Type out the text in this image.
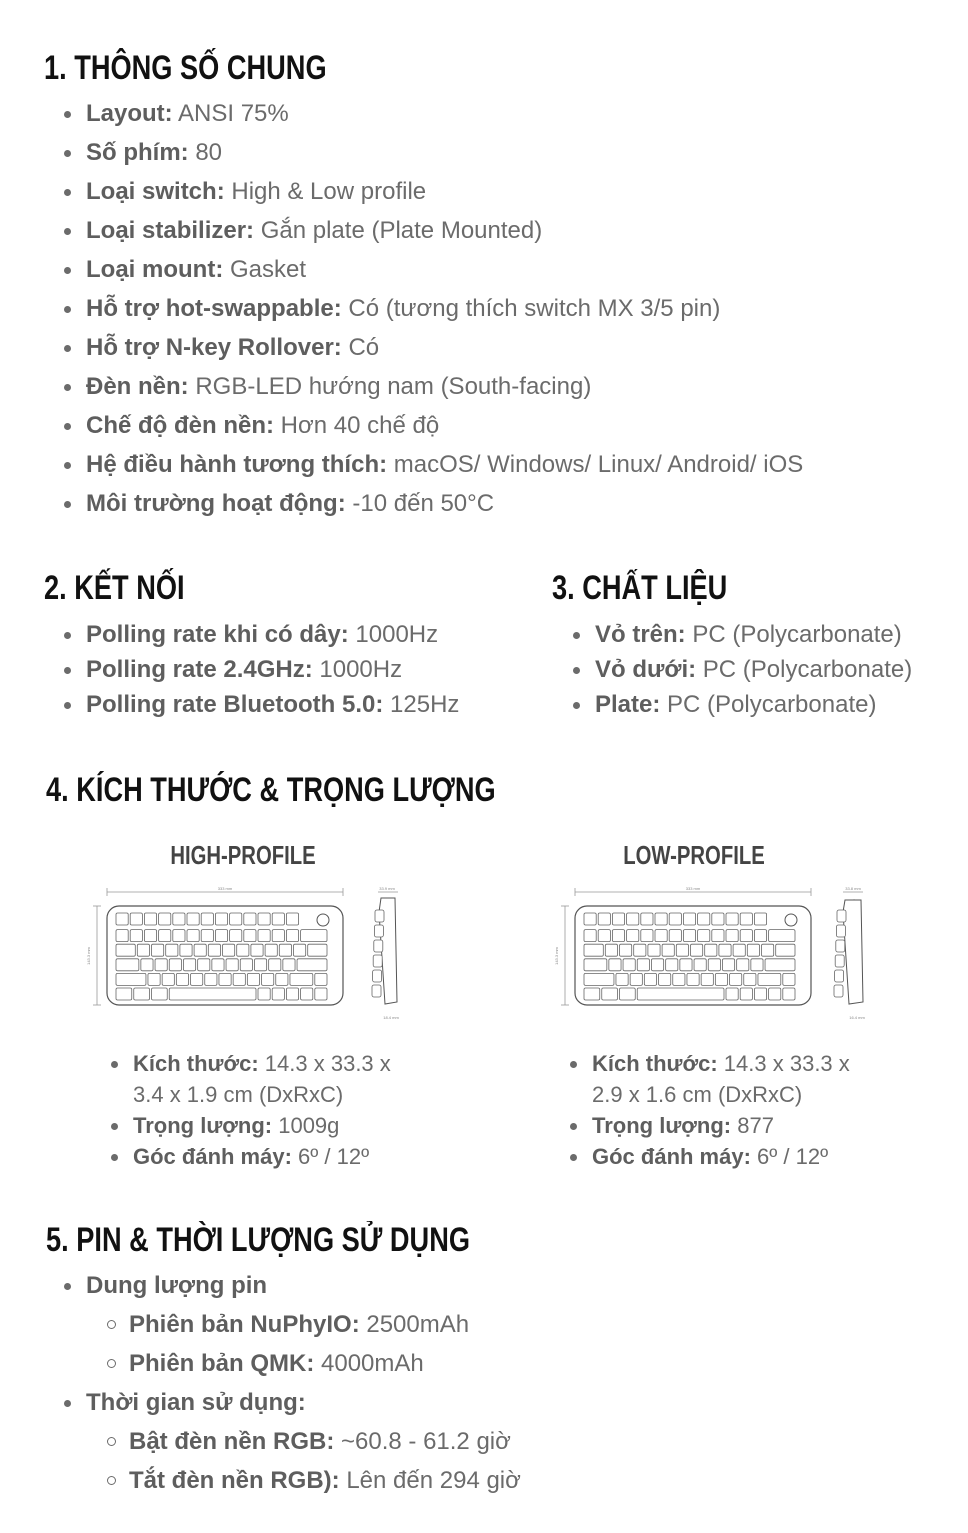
1. THÔNG SỐ CHUNG
Layout: ANSI 75%
Số phím: 80
Loại switch: High & Low profile
Loại stabilizer: Gắn plate (Plate Mounted)
Loại mount: Gasket
Hỗ trợ hot-swappable: Có (tương thích switch MX 3/5 pin)
Hỗ trợ N-key Rollover: Có
Đèn nền: RGB-LED hướng nam (South-facing)
Chế độ đèn nền: Hơn 40 chế độ
Hệ điều hành tương thích: macOS/ Windows/ Linux/ Android/ iOS
Môi trường hoạt động: -10 đến 50°C
2. KẾT NỐI
Polling rate khi có dây: 1000Hz
Polling rate 2.4GHz: 1000Hz
Polling rate Bluetooth 5.0: 125Hz
3. CHẤT LIỆU
Vỏ trên: PC (Polycarbonate)
Vỏ dưới: PC (Polycarbonate)
Plate: PC (Polycarbonate)
4. KÍCH THƯỚC & TRỌNG LƯỢNG
HIGH-PROFILE	LOW-PROFILE
333 mm
143.3 mm
33.9 mm
18.4 mm
333 mm
143.3 mm
33.8 mm
16.4 mm
Kích thước: 14.3 x 33.3 x
3.4 x 1.9 cm (DxRxC)
Trọng lượng: 1009g
Góc đánh máy: 6º / 12º
Kích thước: 14.3 x 33.3 x
2.9 x 1.6 cm (DxRxC)
Trọng lượng: 877
Góc đánh máy: 6º / 12º
5. PIN & THỜI LƯỢNG SỬ DỤNG
Dung lượng pin
Phiên bản NuPhyIO: 2500mAh
Phiên bản QMK: 4000mAh
Thời gian sử dụng:
Bật đèn nền RGB: ~60.8 - 61.2 giờ
Tắt đèn nền RGB): Lên đến 294 giờ
